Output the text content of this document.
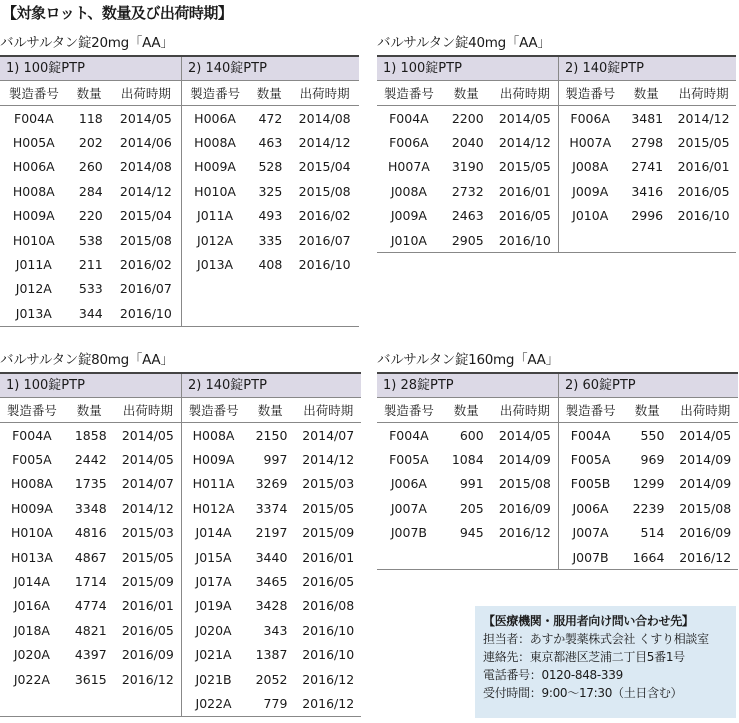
【対象ロット、数量及び出荷時期】
バルサルタン錠20mg「AA」
1) 100錠PTP
製造番号	数量	出荷時期
F004A	118	2014/05
H005A	202	2014/06
H006A	260	2014/08
H008A	284	2014/12
H009A	220	2015/04
H010A	538	2015/08
J011A	211	2016/02
J012A	533	2016/07
J013A	344	2016/10
2) 140錠PTP
製造番号	数量	出荷時期
H006A	472	2014/08
H008A	463	2014/12
H009A	528	2015/04
H010A	325	2015/08
J011A	493	2016/02
J012A	335	2016/07
J013A	408	2016/10
バルサルタン錠40mg「AA」
1) 100錠PTP
製造番号	数量	出荷時期
F004A	2200	2014/05
F006A	2040	2014/12
H007A	3190	2015/05
J008A	2732	2016/01
J009A	2463	2016/05
J010A	2905	2016/10
2) 140錠PTP
製造番号	数量	出荷時期
F006A	3481	2014/12
H007A	2798	2015/05
J008A	2741	2016/01
J009A	3416	2016/05
J010A	2996	2016/10
バルサルタン錠80mg「AA」
1) 100錠PTP
製造番号	数量	出荷時期
F004A	1858	2014/05
F005A	2442	2014/05
H008A	1735	2014/07
H009A	3348	2014/12
H010A	4816	2015/03
H013A	4867	2015/05
J014A	1714	2015/09
J016A	4774	2016/01
J018A	4821	2016/05
J020A	4397	2016/09
J022A	3615	2016/12
2) 140錠PTP
製造番号	数量	出荷時期
H008A	2150	2014/07
H009A	997	2014/12
H011A	3269	2015/03
H012A	3374	2015/05
J014A	2197	2015/09
J015A	3440	2016/01
J017A	3465	2016/05
J019A	3428	2016/08
J020A	343	2016/10
J021A	1387	2016/10
J021B	2052	2016/12
J022A	779	2016/12
バルサルタン錠160mg「AA」
1) 28錠PTP
製造番号	数量	出荷時期
F004A	600	2014/05
F005A	1084	2014/09
J006A	991	2015/08
J007A	205	2016/09
J007B	945	2016/12
2) 60錠PTP
製造番号	数量	出荷時期
F004A	550	2014/05
F005A	969	2014/09
F005B	1299	2014/09
J006A	2239	2015/08
J007A	514	2016/09
J007B	1664	2016/12
【医療機関・服用者向け問い合わせ先】
担当者：あすか製薬株式会社 くすり相談室
連絡先：東京都港区芝浦二丁目5番1号
電話番号：0120-848-339
受付時間：9:00～17:30（土日含む）
